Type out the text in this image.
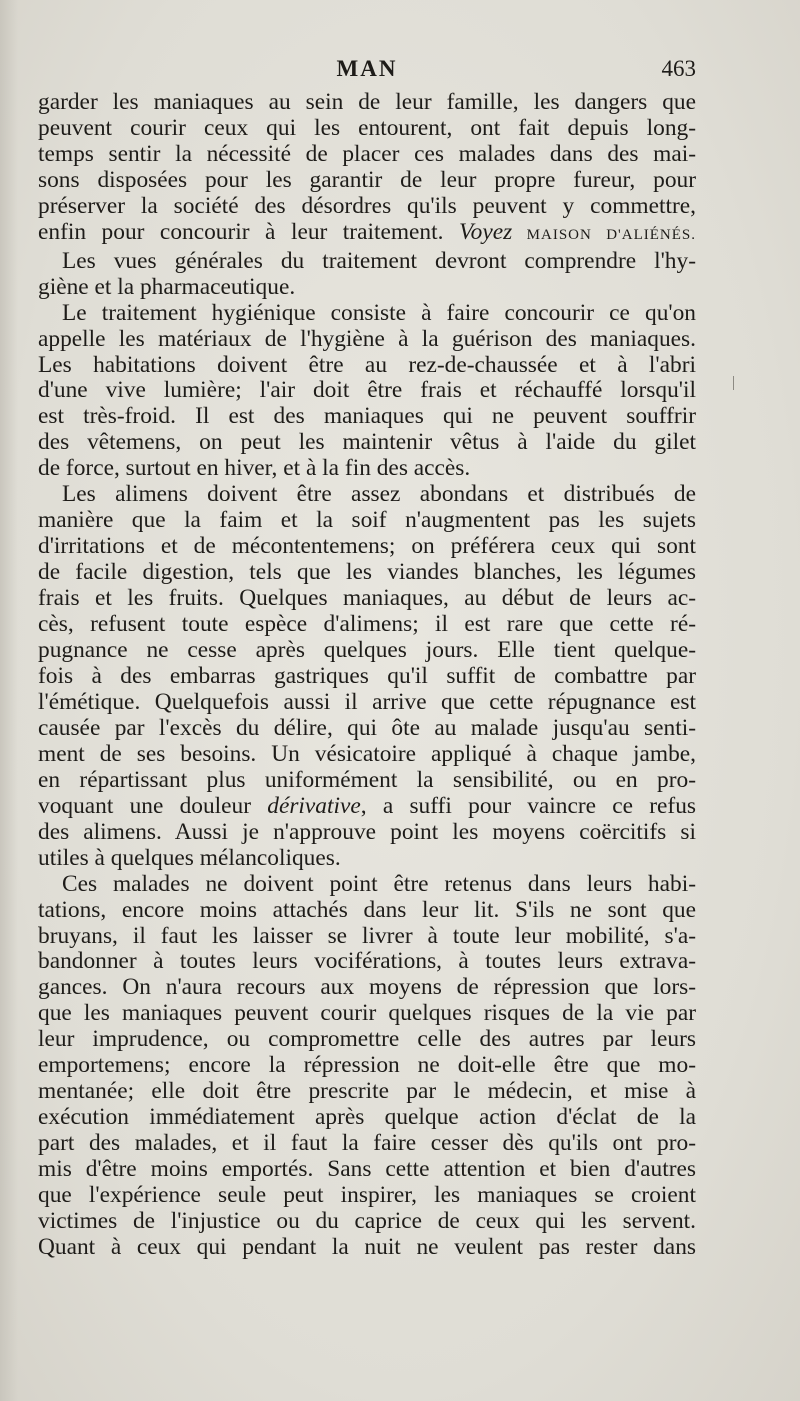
MAN	463
garder les maniaques au sein de leur famille, les dangers que
peuvent courir ceux qui les entourent, ont fait depuis long-
temps sentir la nécessité de placer ces malades dans des mai-
sons disposées pour les garantir de leur propre fureur, pour
préserver la société des désordres qu'ils peuvent y commettre,
enfin pour concourir à leur traitement. Voyez MAISON D'ALIÉNÉS.
Les vues générales du traitement devront comprendre l'hy-
giène et la pharmaceutique.
Le traitement hygiénique consiste à faire concourir ce qu'on
appelle les matériaux de l'hygiène à la guérison des maniaques.
Les habitations doivent être au rez-de-chaussée et à l'abri
d'une vive lumière; l'air doit être frais et réchauffé lorsqu'il
est très-froid. Il est des maniaques qui ne peuvent souffrir
des vêtemens, on peut les maintenir vêtus à l'aide du gilet
de force, surtout en hiver, et à la fin des accès.
Les alimens doivent être assez abondans et distribués de
manière que la faim et la soif n'augmentent pas les sujets
d'irritations et de mécontentemens; on préférera ceux qui sont
de facile digestion, tels que les viandes blanches, les légumes
frais et les fruits. Quelques maniaques, au début de leurs ac-
cès, refusent toute espèce d'alimens; il est rare que cette ré-
pugnance ne cesse après quelques jours. Elle tient quelque-
fois à des embarras gastriques qu'il suffit de combattre par
l'émétique. Quelquefois aussi il arrive que cette répugnance est
causée par l'excès du délire, qui ôte au malade jusqu'au senti-
ment de ses besoins. Un vésicatoire appliqué à chaque jambe,
en répartissant plus uniformément la sensibilité, ou en pro-
voquant une douleur dérivative, a suffi pour vaincre ce refus
des alimens. Aussi je n'approuve point les moyens coërcitifs si
utiles à quelques mélancoliques.
Ces malades ne doivent point être retenus dans leurs habi-
tations, encore moins attachés dans leur lit. S'ils ne sont que
bruyans, il faut les laisser se livrer à toute leur mobilité, s'a-
bandonner à toutes leurs vociférations, à toutes leurs extrava-
gances. On n'aura recours aux moyens de répression que lors-
que les maniaques peuvent courir quelques risques de la vie par
leur imprudence, ou compromettre celle des autres par leurs
emportemens; encore la répression ne doit-elle être que mo-
mentanée; elle doit être prescrite par le médecin, et mise à
exécution immédiatement après quelque action d'éclat de la
part des malades, et il faut la faire cesser dès qu'ils ont pro-
mis d'être moins emportés. Sans cette attention et bien d'autres
que l'expérience seule peut inspirer, les maniaques se croient
victimes de l'injustice ou du caprice de ceux qui les servent.
Quant à ceux qui pendant la nuit ne veulent pas rester dans
